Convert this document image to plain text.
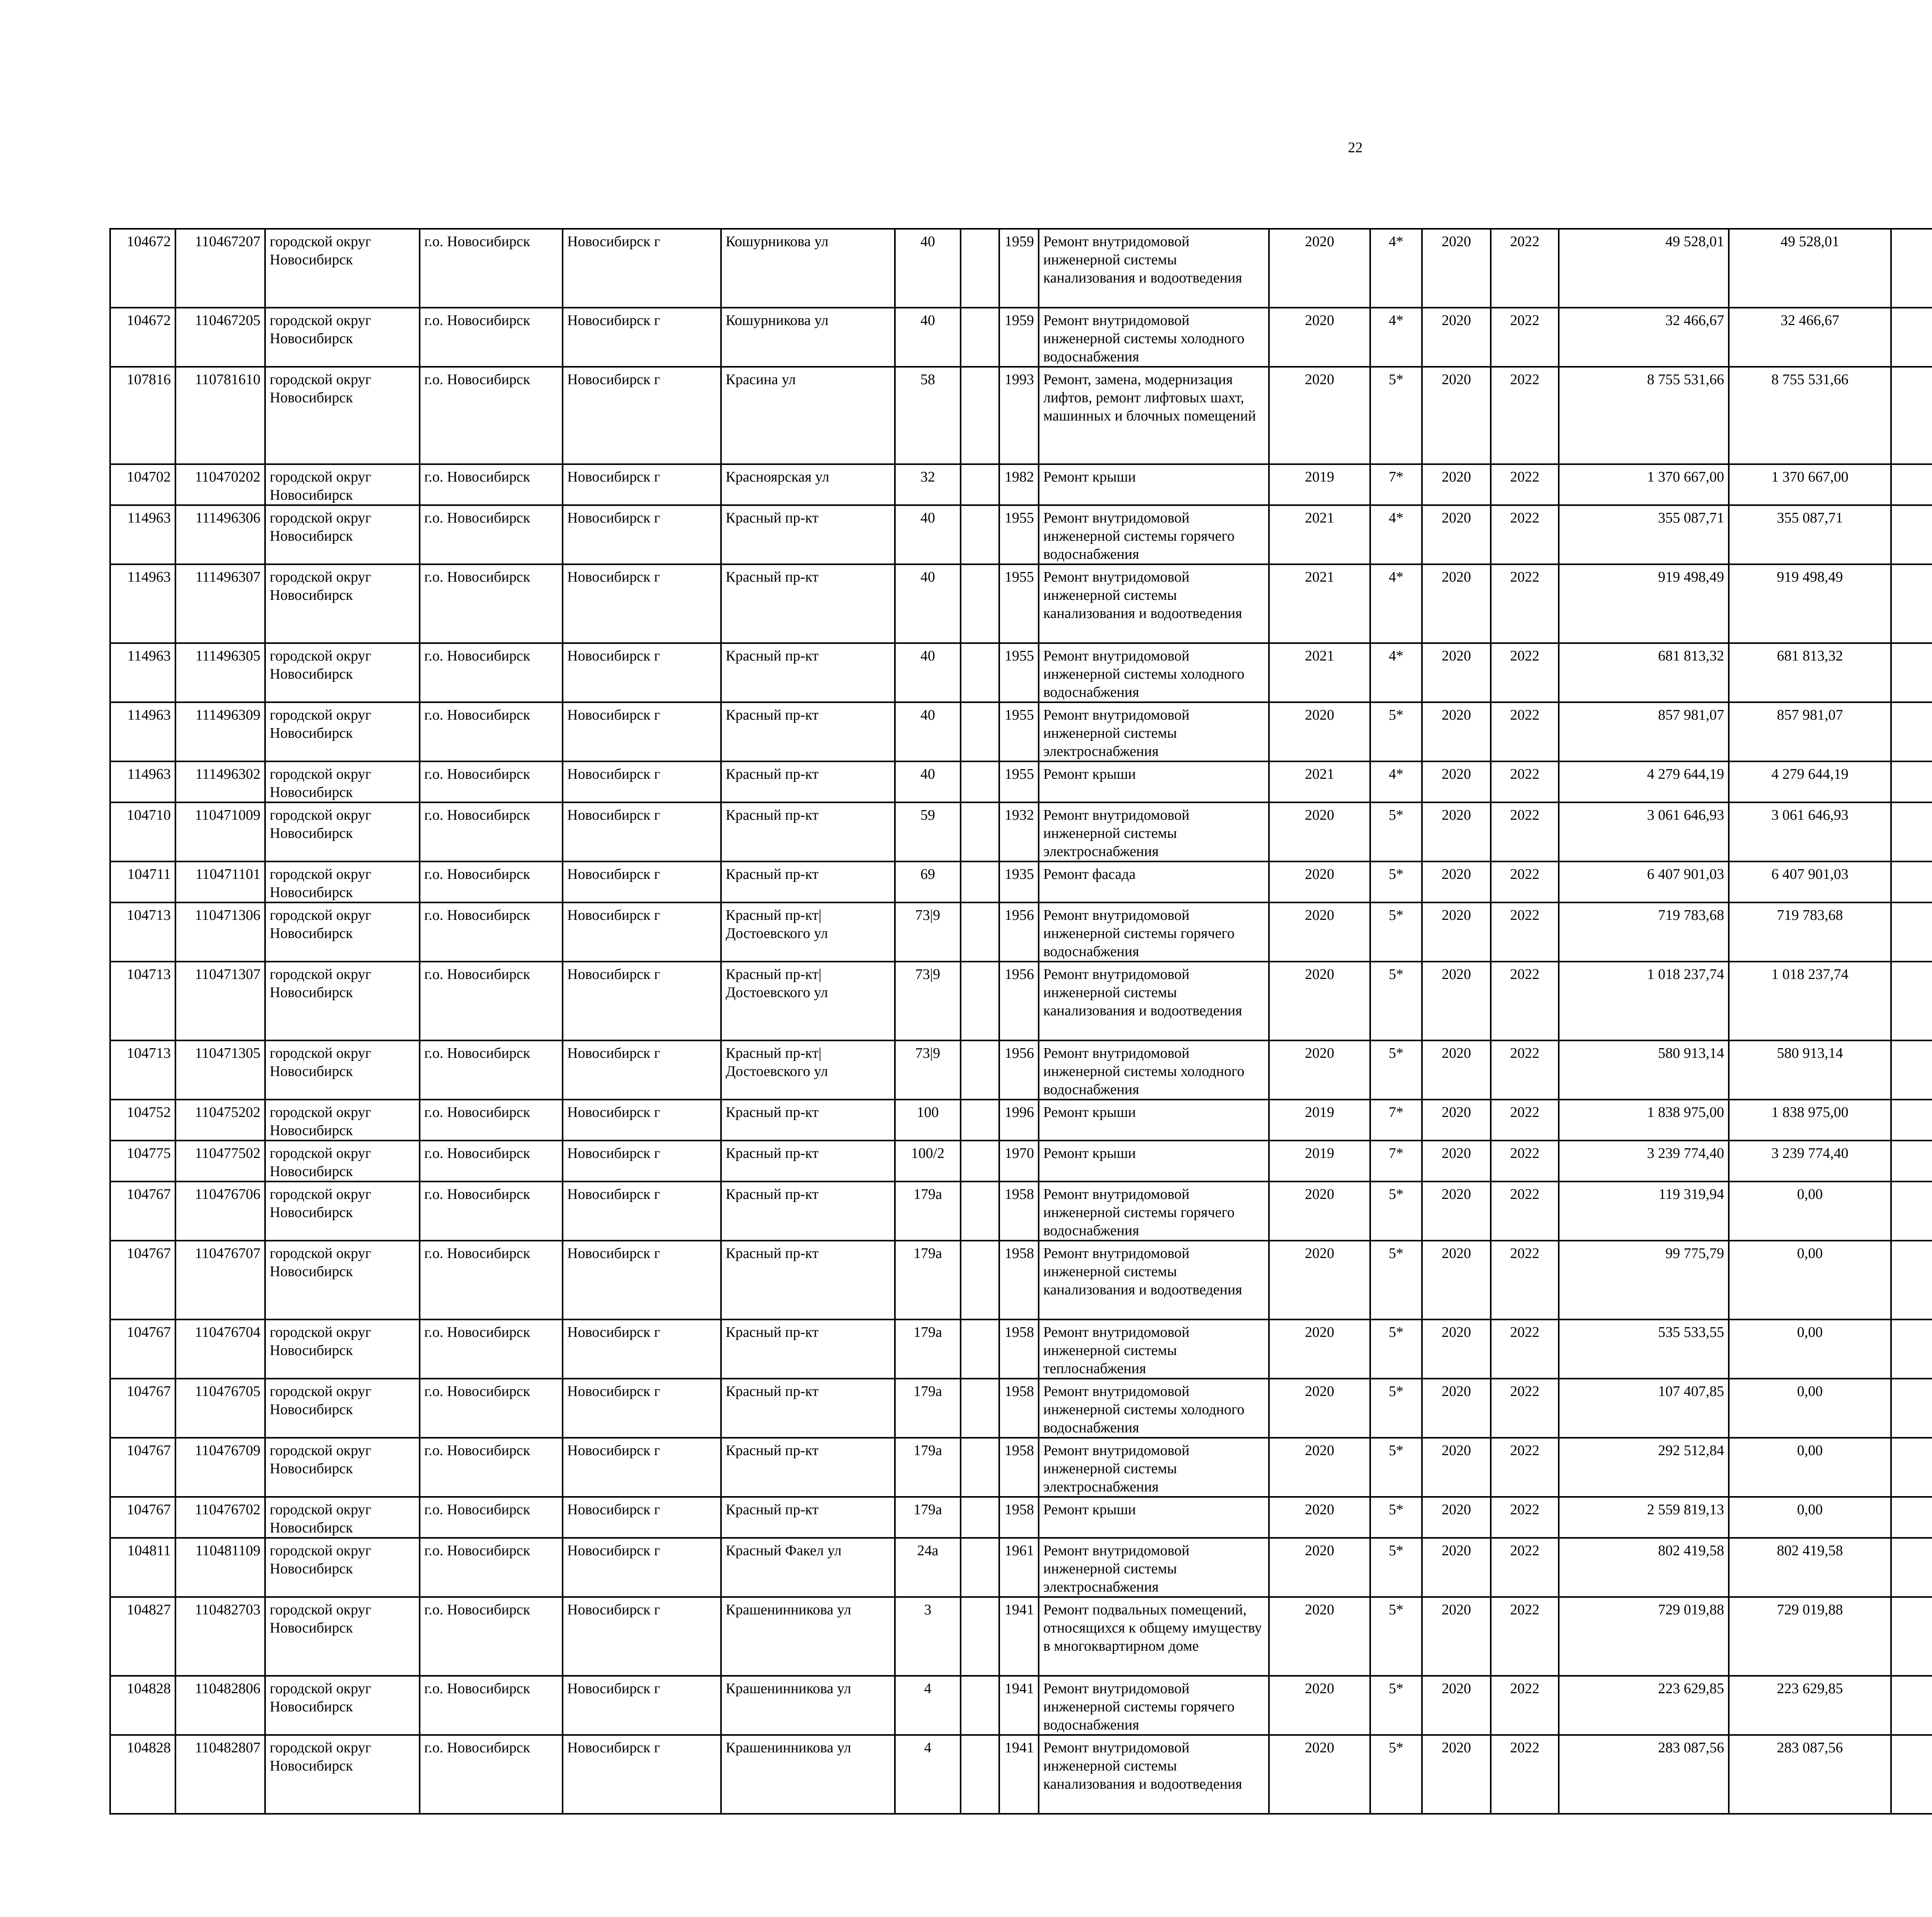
22
104672	110467207	городской округ Новосибирск	г.о. Новосибирск	Новосибирск г	Кошурникова ул	40		1959	Ремонт внутридомовой инженерной системы канализования и водоотведения	2020	4*	2020	2022	49 528,01	49 528,01						
104672	110467205	городской округ Новосибирск	г.о. Новосибирск	Новосибирск г	Кошурникова ул	40		1959	Ремонт внутридомовой инженерной системы холодного водоснабжения	2020	4*	2020	2022	32 466,67	32 466,67						
107816	110781610	городской округ Новосибирск	г.о. Новосибирск	Новосибирск г	Красина ул	58		1993	Ремонт, замена, модернизация лифтов, ремонт лифтовых шахт, машинных и блочных помещений	2020	5*	2020	2022	8 755 531,66	8 755 531,66						
104702	110470202	городской округ Новосибирск	г.о. Новосибирск	Новосибирск г	Красноярская ул	32		1982	Ремонт крыши	2019	7*	2020	2022	1 370 667,00	1 370 667,00						
114963	111496306	городской округ Новосибирск	г.о. Новосибирск	Новосибирск г	Красный пр-кт	40		1955	Ремонт внутридомовой инженерной системы горячего водоснабжения	2021	4*	2020	2022	355 087,71	355 087,71						
114963	111496307	городской округ Новосибирск	г.о. Новосибирск	Новосибирск г	Красный пр-кт	40		1955	Ремонт внутридомовой инженерной системы канализования и водоотведения	2021	4*	2020	2022	919 498,49	919 498,49						
114963	111496305	городской округ Новосибирск	г.о. Новосибирск	Новосибирск г	Красный пр-кт	40		1955	Ремонт внутридомовой инженерной системы холодного водоснабжения	2021	4*	2020	2022	681 813,32	681 813,32						
114963	111496309	городской округ Новосибирск	г.о. Новосибирск	Новосибирск г	Красный пр-кт	40		1955	Ремонт внутридомовой инженерной системы электроснабжения	2020	5*	2020	2022	857 981,07	857 981,07						
114963	111496302	городской округ Новосибирск	г.о. Новосибирск	Новосибирск г	Красный пр-кт	40		1955	Ремонт крыши	2021	4*	2020	2022	4 279 644,19	4 279 644,19						
104710	110471009	городской округ Новосибирск	г.о. Новосибирск	Новосибирск г	Красный пр-кт	59		1932	Ремонт внутридомовой инженерной системы электроснабжения	2020	5*	2020	2022	3 061 646,93	3 061 646,93						
104711	110471101	городской округ Новосибирск	г.о. Новосибирск	Новосибирск г	Красный пр-кт	69		1935	Ремонт фасада	2020	5*	2020	2022	6 407 901,03	6 407 901,03						
104713	110471306	городской округ Новосибирск	г.о. Новосибирск	Новосибирск г	Красный пр-кт| Достоевского ул	73|9		1956	Ремонт внутридомовой инженерной системы горячего водоснабжения	2020	5*	2020	2022	719 783,68	719 783,68						
104713	110471307	городской округ Новосибирск	г.о. Новосибирск	Новосибирск г	Красный пр-кт| Достоевского ул	73|9		1956	Ремонт внутридомовой инженерной системы канализования и водоотведения	2020	5*	2020	2022	1 018 237,74	1 018 237,74						
104713	110471305	городской округ Новосибирск	г.о. Новосибирск	Новосибирск г	Красный пр-кт| Достоевского ул	73|9		1956	Ремонт внутридомовой инженерной системы холодного водоснабжения	2020	5*	2020	2022	580 913,14	580 913,14						
104752	110475202	городской округ Новосибирск	г.о. Новосибирск	Новосибирск г	Красный пр-кт	100		1996	Ремонт крыши	2019	7*	2020	2022	1 838 975,00	1 838 975,00						
104775	110477502	городской округ Новосибирск	г.о. Новосибирск	Новосибирск г	Красный пр-кт	100/2		1970	Ремонт крыши	2019	7*	2020	2022	3 239 774,40	3 239 774,40						
104767	110476706	городской округ Новосибирск	г.о. Новосибирск	Новосибирск г	Красный пр-кт	179а		1958	Ремонт внутридомовой инженерной системы горячего водоснабжения	2020	5*	2020	2022	119 319,94	0,00						
104767	110476707	городской округ Новосибирск	г.о. Новосибирск	Новосибирск г	Красный пр-кт	179а		1958	Ремонт внутридомовой инженерной системы канализования и водоотведения	2020	5*	2020	2022	99 775,79	0,00						
104767	110476704	городской округ Новосибирск	г.о. Новосибирск	Новосибирск г	Красный пр-кт	179а		1958	Ремонт внутридомовой инженерной системы теплоснабжения	2020	5*	2020	2022	535 533,55	0,00						
104767	110476705	городской округ Новосибирск	г.о. Новосибирск	Новосибирск г	Красный пр-кт	179а		1958	Ремонт внутридомовой инженерной системы холодного водоснабжения	2020	5*	2020	2022	107 407,85	0,00						
104767	110476709	городской округ Новосибирск	г.о. Новосибирск	Новосибирск г	Красный пр-кт	179а		1958	Ремонт внутридомовой инженерной системы электроснабжения	2020	5*	2020	2022	292 512,84	0,00						
104767	110476702	городской округ Новосибирск	г.о. Новосибирск	Новосибирск г	Красный пр-кт	179а		1958	Ремонт крыши	2020	5*	2020	2022	2 559 819,13	0,00						
104811	110481109	городской округ Новосибирск	г.о. Новосибирск	Новосибирск г	Красный Факел ул	24а		1961	Ремонт внутридомовой инженерной системы электроснабжения	2020	5*	2020	2022	802 419,58	802 419,58						
104827	110482703	городской округ Новосибирск	г.о. Новосибирск	Новосибирск г	Крашенинникова ул	3		1941	Ремонт подвальных помещений, относящихся к общему имуществу в многоквартирном доме	2020	5*	2020	2022	729 019,88	729 019,88						
104828	110482806	городской округ Новосибирск	г.о. Новосибирск	Новосибирск г	Крашенинникова ул	4		1941	Ремонт внутридомовой инженерной системы горячего водоснабжения	2020	5*	2020	2022	223 629,85	223 629,85						
104828	110482807	городской округ Новосибирск	г.о. Новосибирск	Новосибирск г	Крашенинникова ул	4		1941	Ремонт внутридомовой инженерной системы канализования и водоотведения	2020	5*	2020	2022	283 087,56	283 087,56						
